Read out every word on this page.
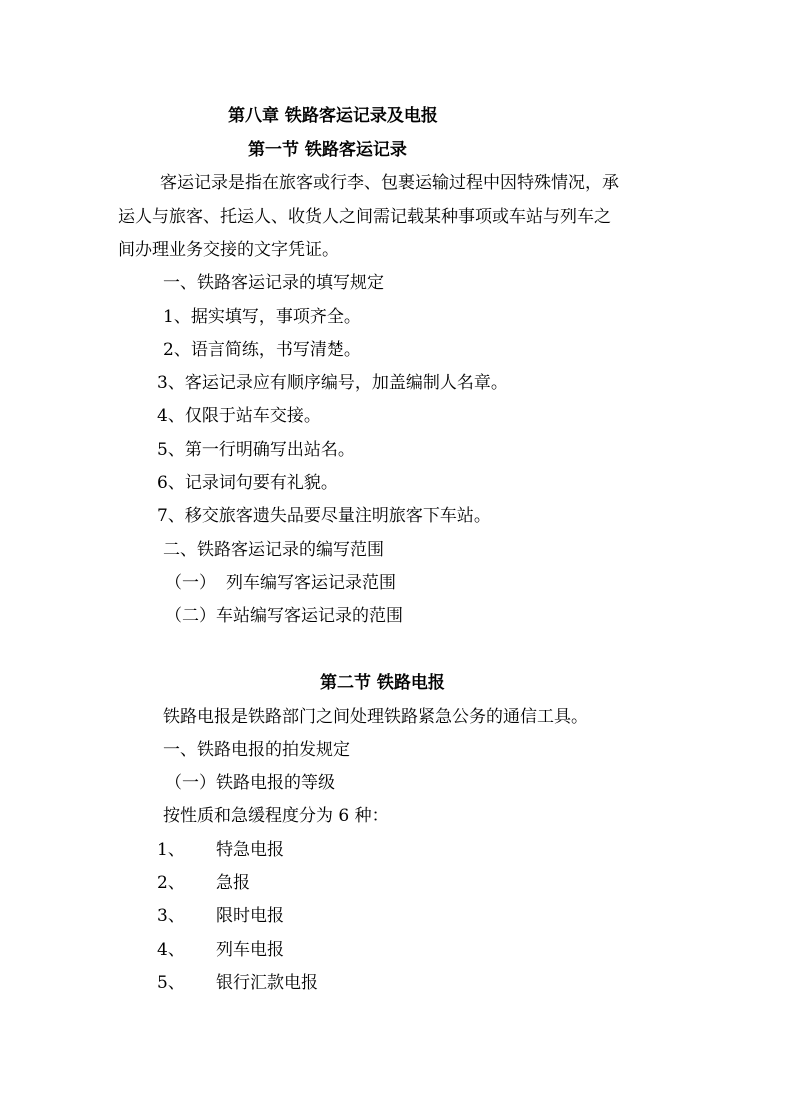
第八章 铁路客运记录及电报
第一节 铁路客运记录
客运记录是指在旅客或行李、包裹运输过程中因特殊情况，承
运人与旅客、托运人、收货人之间需记载某种事项或车站与列车之
间办理业务交接的文字凭证。
一、铁路客运记录的填写规定
1、据实填写，事项齐全。
2、语言简练，书写清楚。
3、客运记录应有顺序编号，加盖编制人名章。
4、仅限于站车交接。
5、第一行明确写出站名。
6、记录词句要有礼貌。
7、移交旅客遗失品要尽量注明旅客下车站。
二、铁路客运记录的编写范围
（一） 列车编写客运记录范围
（二）车站编写客运记录的范围
第二节 铁路电报
铁路电报是铁路部门之间处理铁路紧急公务的通信工具。
一、铁路电报的拍发规定
（一）铁路电报的等级
按性质和急缓程度分为 6 种：
1、 特急电报
2、 急报
3、 限时电报
4、 列车电报
5、 银行汇款电报
